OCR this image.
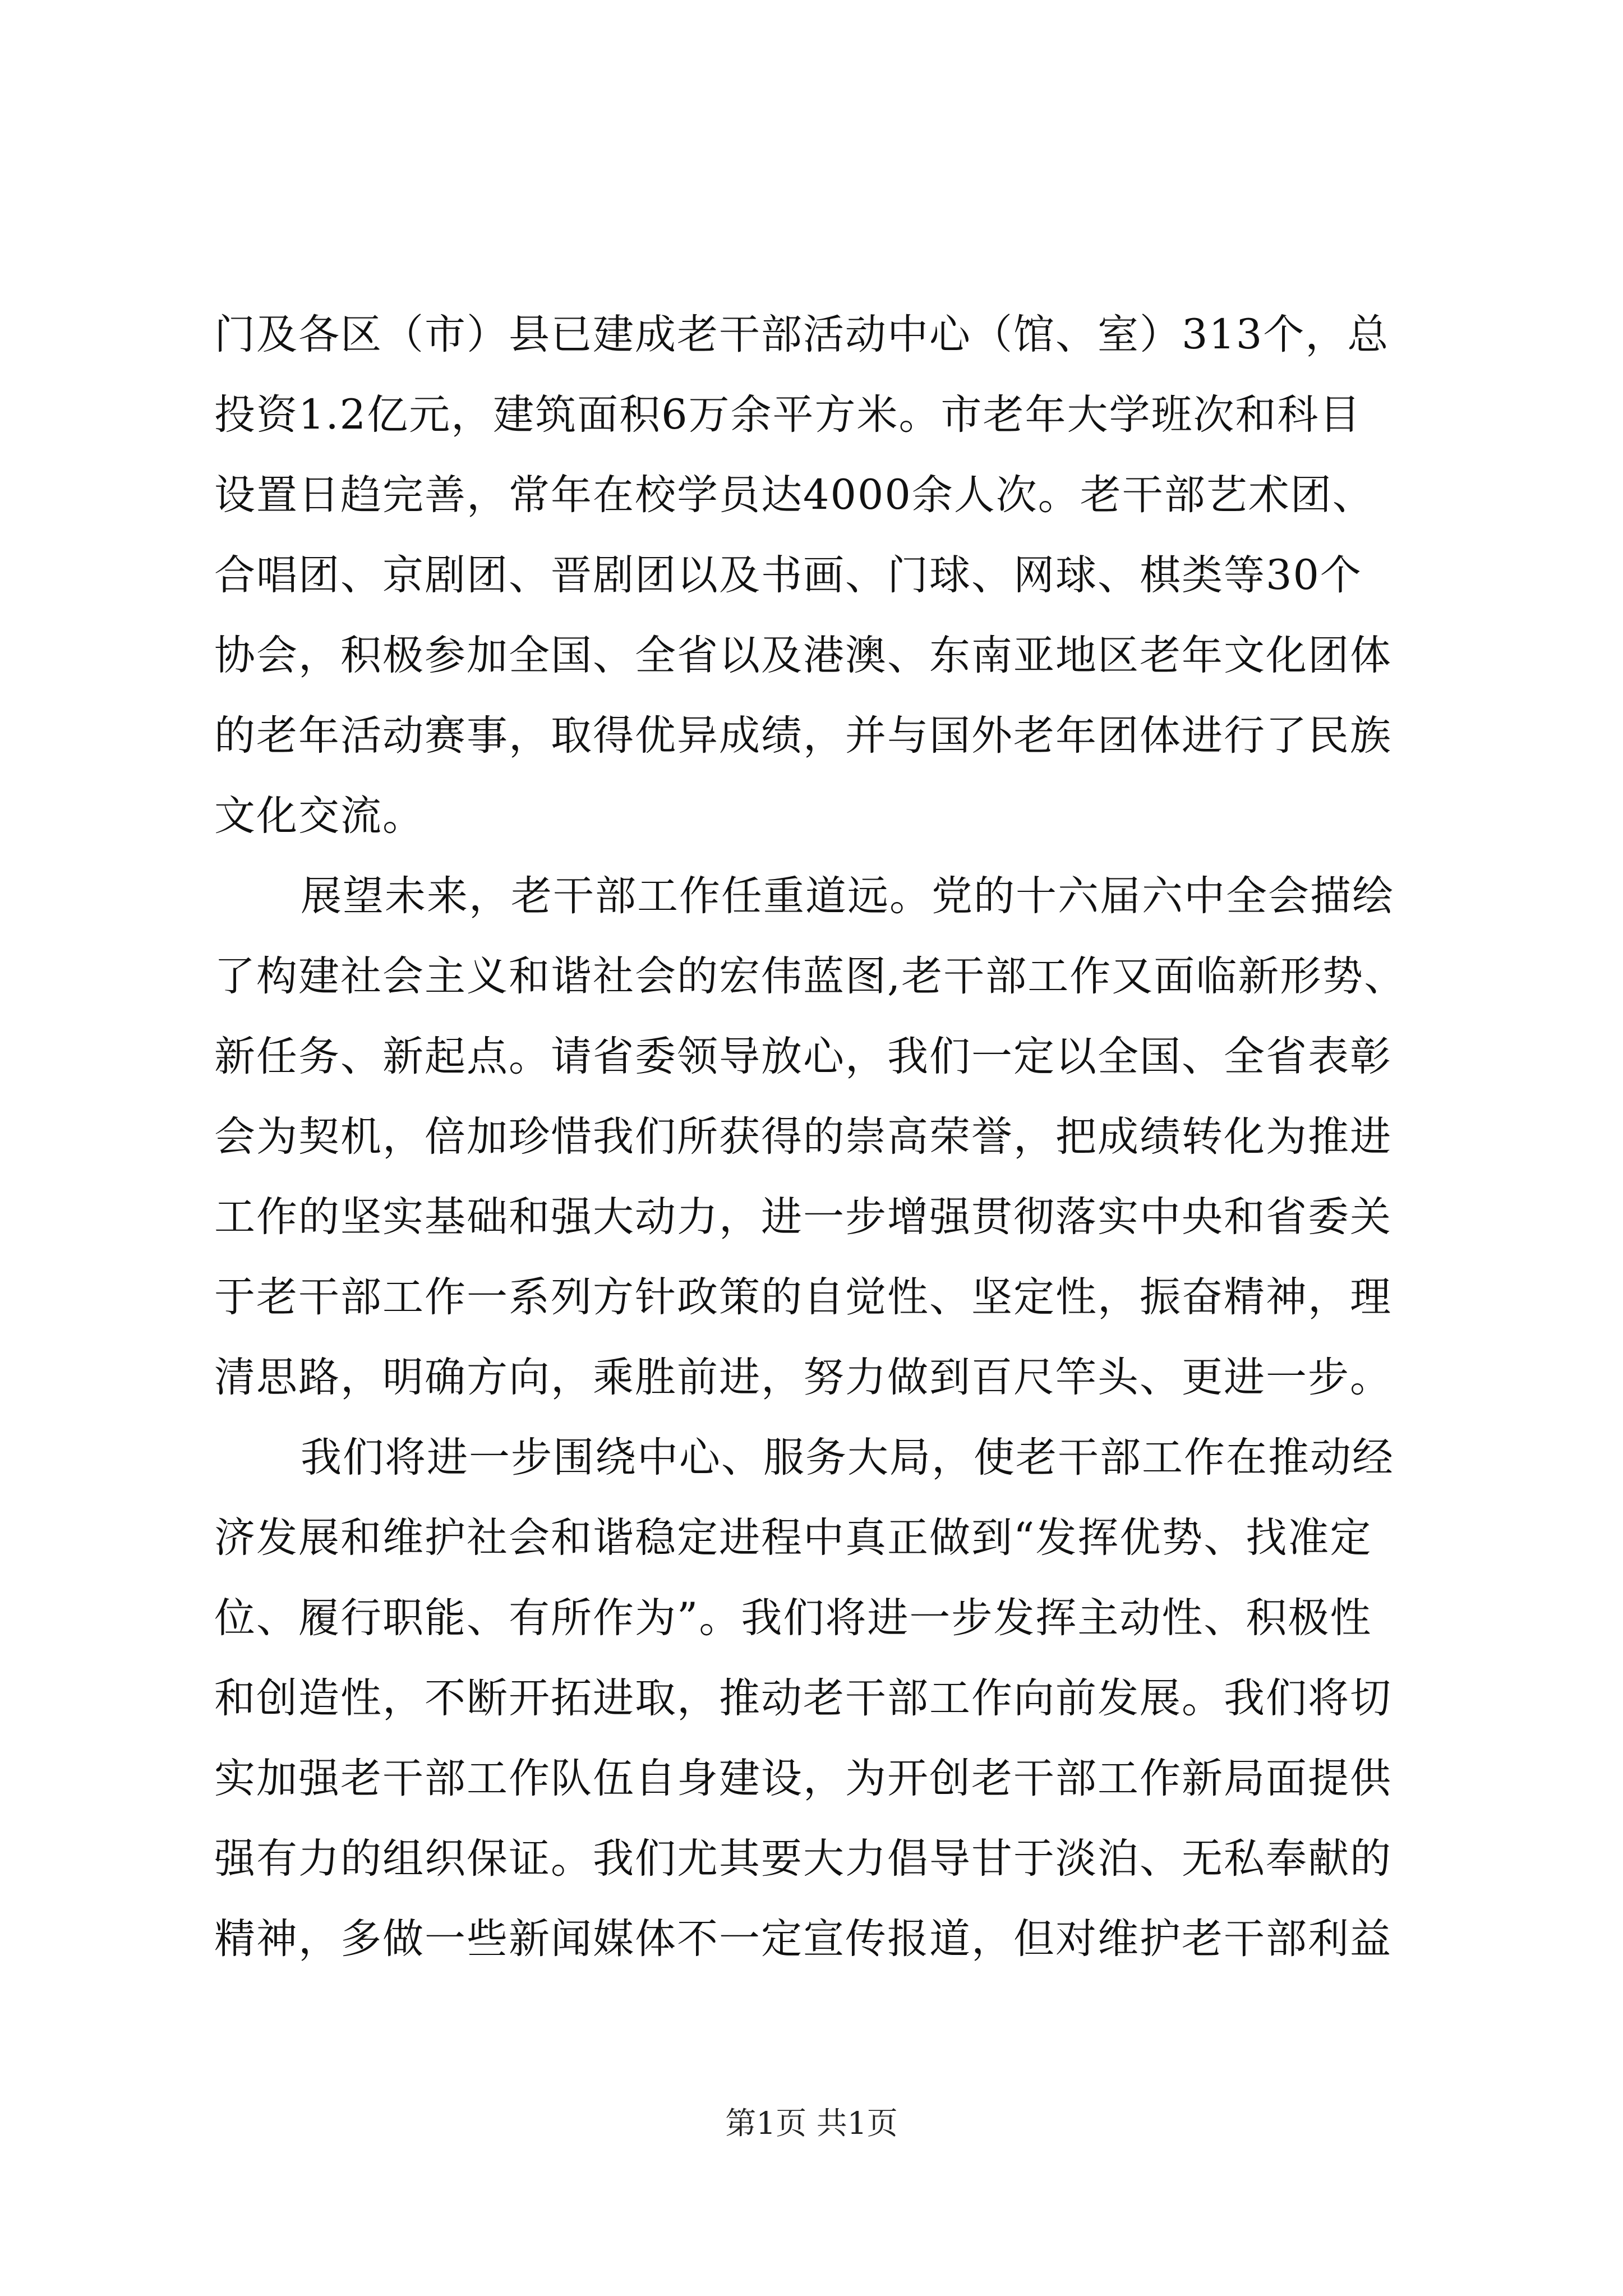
门及各区（市）县已建成老干部活动中心（馆、室）313个，总
投资1.2亿元，建筑面积6万余平方米。市老年大学班次和科目
设置日趋完善，常年在校学员达4000余人次。老干部艺术团、
合唱团、京剧团、晋剧团以及书画、门球、网球、棋类等30个
协会，积极参加全国、全省以及港澳、东南亚地区老年文化团体
的老年活动赛事，取得优异成绩，并与国外老年团体进行了民族
文化交流。
展望未来，老干部工作任重道远。党的十六届六中全会描绘
了构建社会主义和谐社会的宏伟蓝图,老干部工作又面临新形势、
新任务、新起点。请省委领导放心，我们一定以全国、全省表彰
会为契机，倍加珍惜我们所获得的崇高荣誉，把成绩转化为推进
工作的坚实基础和强大动力，进一步增强贯彻落实中央和省委关
于老干部工作一系列方针政策的自觉性、坚定性，振奋精神，理
清思路，明确方向，乘胜前进，努力做到百尺竿头、更进一步。
我们将进一步围绕中心、服务大局，使老干部工作在推动经
济发展和维护社会和谐稳定进程中真正做到“发挥优势、找准定
位、履行职能、有所作为”。我们将进一步发挥主动性、积极性
和创造性，不断开拓进取，推动老干部工作向前发展。我们将切
实加强老干部工作队伍自身建设，为开创老干部工作新局面提供
强有力的组织保证。我们尤其要大力倡导甘于淡泊、无私奉献的
精神，多做一些新闻媒体不一定宣传报道，但对维护老干部利益
第1页 共1页
